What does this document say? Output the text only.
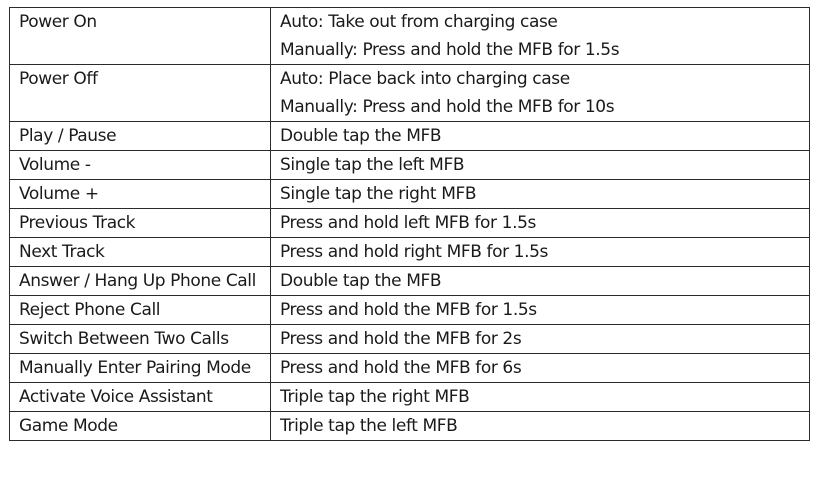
Power On	Auto: Take out from charging case
Manually: Press and hold the MFB for 1.5s

Power Off	Auto: Place back into charging case
Manually: Press and hold the MFB for 10s

Play / Pause	Double tap the MFB
Volume -	Single tap the left MFB
Volume +	Single tap the right MFB
Previous Track	Press and hold left MFB for 1.5s
Next Track	Press and hold right MFB for 1.5s
Answer / Hang Up Phone Call	Double tap the MFB
Reject Phone Call	Press and hold the MFB for 1.5s
Switch Between Two Calls	Press and hold the MFB for 2s
Manually Enter Pairing Mode	Press and hold the MFB for 6s
Activate Voice Assistant	Triple tap the right MFB
Game Mode	Triple tap the left MFB
